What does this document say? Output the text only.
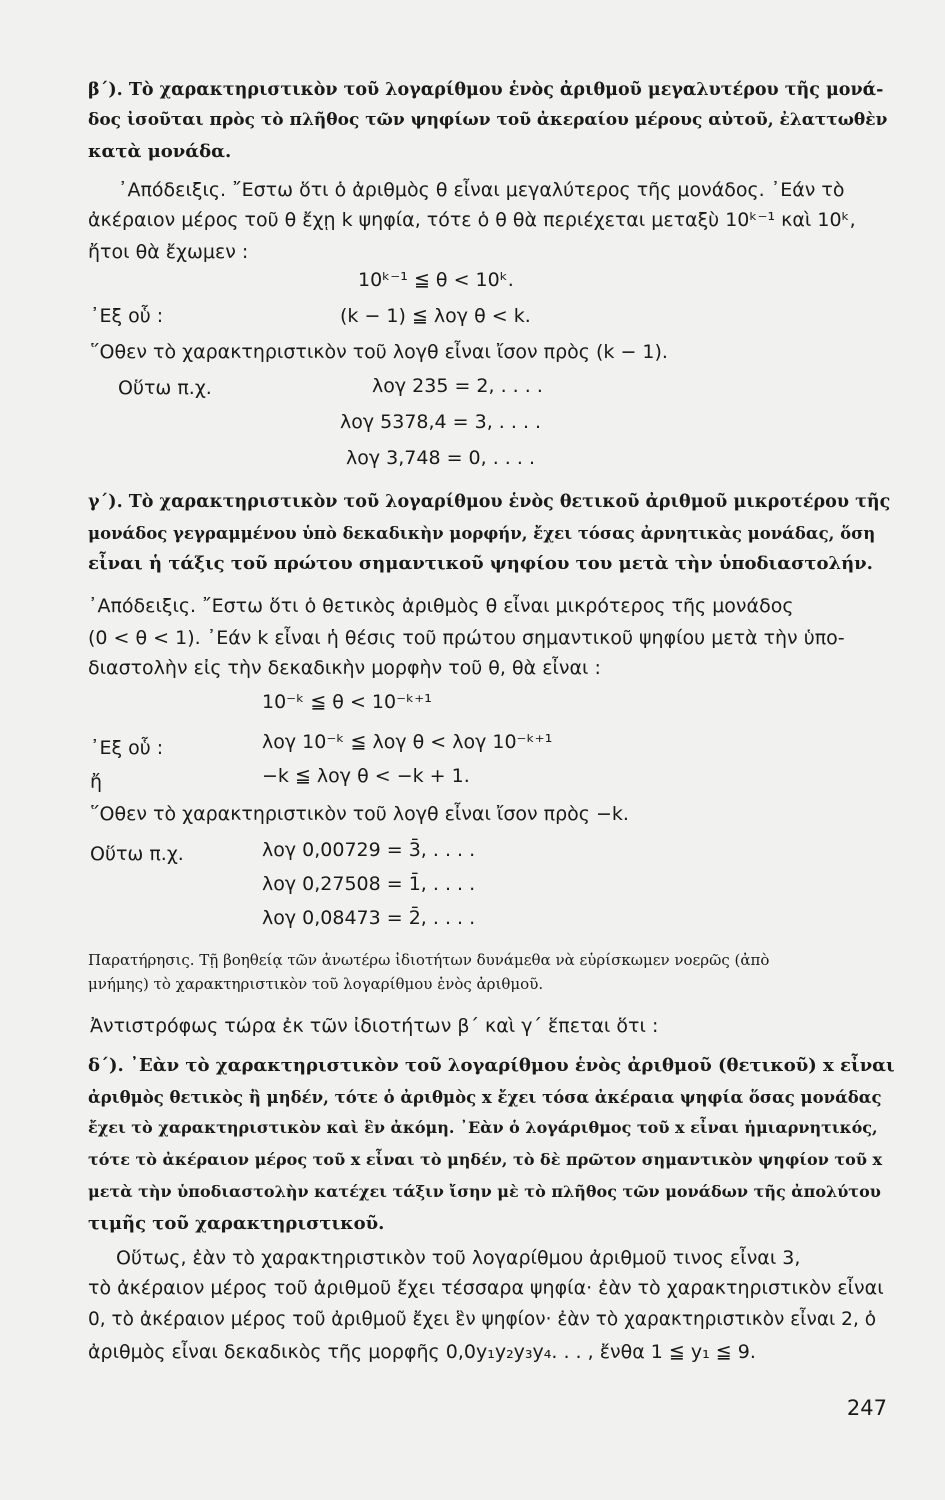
β΄). Τὸ χαρακτηριστικὸν τοῦ λογαρίθμου ἑνὸς ἀριθμοῦ μεγαλυτέρου τῆς μονά-
δος ἰσοῦται πρὸς τὸ πλῆθος τῶν ψηφίων τοῦ ἀκεραίου μέρους αὐτοῦ, ἐλαττωθὲν
κατὰ μονάδα.
᾿Απόδειξις. ῎Εστω ὅτι ὁ ἀριθμὸς θ εἶναι μεγαλύτερος τῆς μονάδος. ᾿Εάν τὸ
ἀκέραιον μέρος τοῦ θ ἔχῃ k ψηφία, τότε ὁ θ θὰ περιέχεται μεταξὺ 10ᵏ⁻¹ καὶ 10ᵏ,
ἤτοι θὰ ἔχωμεν :
10ᵏ⁻¹ ≦ θ < 10ᵏ.
᾿Εξ οὗ :	(k − 1) ≦ λογ θ < k.
῞Οθεν τὸ χαρακτηριστικὸν τοῦ λογθ εἶναι ἴσον πρὸς (k − 1).
Οὕτω π.χ.	λογ 235 = 2, . . . .
λογ 5378,4 = 3, . . . .
λογ 3,748 = 0, . . . .
γ΄). Τὸ χαρακτηριστικὸν τοῦ λογαρίθμου ἑνὸς θετικοῦ ἀριθμοῦ μικροτέρου τῆς
μονάδος γεγραμμένου ὑπὸ δεκαδικὴν μορφήν, ἔχει τόσας ἀρνητικὰς μονάδας, ὅση
εἶναι ἡ τάξις τοῦ πρώτου σημαντικοῦ ψηφίου του μετὰ τὴν ὑποδιαστολήν.
᾿Απόδειξις. ῎Εστω ὅτι ὁ θετικὸς ἀριθμὸς θ εἶναι μικρότερος τῆς μονάδος
(0 < θ < 1). ᾿Εάν k εἶναι ἡ θέσις τοῦ πρώτου σημαντικοῦ ψηφίου μετὰ τὴν ὑπο-
διαστολὴν εἰς τὴν δεκαδικὴν μορφὴν τοῦ θ, θὰ εἶναι :
10⁻ᵏ ≦ θ < 10⁻ᵏ⁺¹
᾿Εξ οὗ :	λογ 10⁻ᵏ ≦ λογ θ < λογ 10⁻ᵏ⁺¹
ἤ	−k ≦ λογ θ < −k + 1.
῞Οθεν τὸ χαρακτηριστικὸν τοῦ λογθ εἶναι ἴσον πρὸς −k.
Οὕτω π.χ.	λογ 0,00729 = 3̄, . . . .
λογ 0,27508 = 1̄, . . . .
λογ 0,08473 = 2̄, . . . .
Παρατήρησις. Τῇ βοηθείᾳ τῶν ἀνωτέρω ἰδιοτήτων δυνάμεθα νὰ εὑρίσκωμεν νοερῶς (ἀπὸ
μνήμης) τὸ χαρακτηριστικὸν τοῦ λογαρίθμου ἑνὸς ἀριθμοῦ.
Ἀντιστρόφως τώρα ἐκ τῶν ἰδιοτήτων β΄ καὶ γ΄ ἕπεται ὅτι :
δ΄). ᾿Εὰν τὸ χαρακτηριστικὸν τοῦ λογαρίθμου ἑνὸς ἀριθμοῦ (θετικοῦ) x εἶναι
ἀριθμὸς θετικὸς ἢ μηδέν, τότε ὁ ἀριθμὸς x ἔχει τόσα ἀκέραια ψηφία ὅσας μονάδας
ἔχει τὸ χαρακτηριστικὸν καὶ ἓν ἀκόμη. ᾿Εὰν ὁ λογάριθμος τοῦ x εἶναι ἡμιαρνητικός,
τότε τὸ ἀκέραιον μέρος τοῦ x εἶναι τὸ μηδέν, τὸ δὲ πρῶτον σημαντικὸν ψηφίον τοῦ x
μετὰ τὴν ὑποδιαστολὴν κατέχει τάξιν ἴσην μὲ τὸ πλῆθος τῶν μονάδων τῆς ἀπολύτου
τιμῆς τοῦ χαρακτηριστικοῦ.
Οὕτως, ἐὰν τὸ χαρακτηριστικὸν τοῦ λογαρίθμου ἀριθμοῦ τινος εἶναι 3,
τὸ ἀκέραιον μέρος τοῦ ἀριθμοῦ ἔχει τέσσαρα ψηφία· ἐὰν τὸ χαρακτηριστικὸν εἶναι
0, τὸ ἀκέραιον μέρος τοῦ ἀριθμοῦ ἔχει ἓν ψηφίον· ἐὰν τὸ χαρακτηριστικὸν εἶναι 2, ὁ
ἀριθμὸς εἶναι δεκαδικὸς τῆς μορφῆς 0,0y₁y₂y₃y₄. . . , ἔνθα 1 ≦ y₁ ≦ 9.
247
